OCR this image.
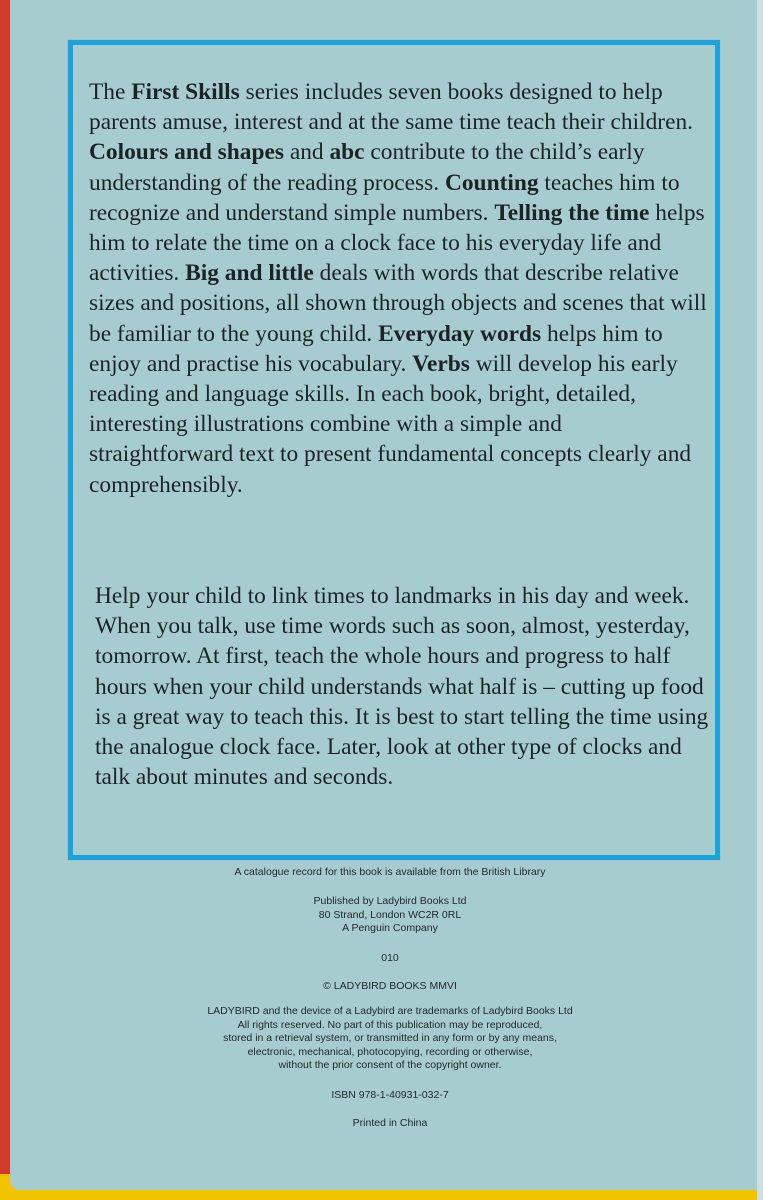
The First Skills series includes seven books designed to help parents amuse, interest and at the same time teach their children. Colours and shapes and abc contribute to the child’s early understanding of the reading process. Counting teaches him to recognize and understand simple numbers. Telling the time helps him to relate the time on a clock face to his everyday life and activities. Big and little deals with words that describe relative sizes and positions, all shown through objects and scenes that will be familiar to the young child. Everyday words helps him to enjoy and practise his vocabulary. Verbs will develop his early reading and language skills. In each book, bright, detailed, interesting illustrations combine with a simple and straightforward text to present fundamental concepts clearly and comprehensibly.

Help your child to link times to landmarks in his day and week. When you talk, use time words such as soon, almost, yesterday, tomorrow. At first, teach the whole hours and progress to half hours when your child understands what half is – cutting up food is a great way to teach this. It is best to start telling the time using the analogue clock face. Later, look at other type of clocks and talk about minutes and seconds.

A catalogue record for this book is available from the British Library

Published by Ladybird Books Ltd
80 Strand, London WC2R 0RL
A Penguin Company

010

© LADYBIRD BOOKS MMVI

LADYBIRD and the device of a Ladybird are trademarks of Ladybird Books Ltd
All rights reserved. No part of this publication may be reproduced,
stored in a retrieval system, or transmitted in any form or by any means,
electronic, mechanical, photocopying, recording or otherwise,
without the prior consent of the copyright owner.

ISBN 978-1-40931-032-7

Printed in China
